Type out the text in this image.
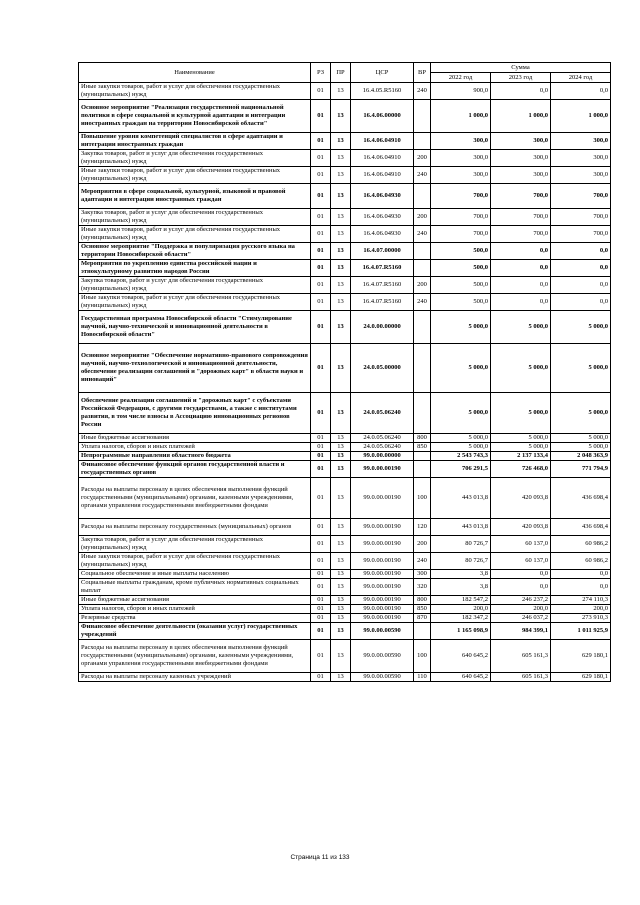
Наименование	РЗ	ПР	ЦСР	ВР	Сумма		
					2022 год	2023 год	2024 год
Иные закупки товаров, работ и услуг для обеспечения государственных (муниципальных) нужд	01	13	16.4.05.R5160	240	900,0	0,0	0,0
Основное мероприятие "Реализация государственной национальной политики в сфере социальной и культурной адаптации и интеграции иностранных граждан на территории Новосибирской области"	01	13	16.4.06.00000		1 000,0	1 000,0	1 000,0
Повышение уровня компетенций специалистов в сфере адаптации и интеграции иностранных граждан	01	13	16.4.06.04910		300,0	300,0	300,0
Закупка товаров, работ и услуг для обеспечения государственных (муниципальных) нужд	01	13	16.4.06.04910	200	300,0	300,0	300,0
Иные закупки товаров, работ и услуг для обеспечения государственных (муниципальных) нужд	01	13	16.4.06.04910	240	300,0	300,0	300,0
Мероприятия в сфере социальной, культурной, языковой и правовой адаптации и интеграции иностранных граждан	01	13	16.4.06.04930		700,0	700,0	700,0
Закупка товаров, работ и услуг для обеспечения государственных (муниципальных) нужд	01	13	16.4.06.04930	200	700,0	700,0	700,0
Иные закупки товаров, работ и услуг для обеспечения государственных (муниципальных) нужд	01	13	16.4.06.04930	240	700,0	700,0	700,0
Основное мероприятие "Поддержка и популяризация русского языка на территории Новосибирской области"	01	13	16.4.07.00000		500,0	0,0	0,0
Мероприятия по укреплению единства российской нации и этнокультурному развитию народов России	01	13	16.4.07.R5160		500,0	0,0	0,0
Закупка товаров, работ и услуг для обеспечения государственных (муниципальных) нужд	01	13	16.4.07.R5160	200	500,0	0,0	0,0
Иные закупки товаров, работ и услуг для обеспечения государственных (муниципальных) нужд	01	13	16.4.07.R5160	240	500,0	0,0	0,0
Государственная программа Новосибирской области "Стимулирование научной, научно-технической и инновационной деятельности в Новосибирской области"	01	13	24.0.00.00000		5 000,0	5 000,0	5 000,0
Основное мероприятие "Обеспечение нормативно-правового сопровождения научной, научно-технологической и инновационной деятельности, обеспечение реализации соглашений и "дорожных карт" в области науки и инноваций"	01	13	24.0.05.00000		5 000,0	5 000,0	5 000,0
Обеспечение реализации соглашений и "дорожных карт" с субъектами Российской Федерации, с другими государствами, а также с институтами развития, в том числе взносы в Ассоциацию инновационных регионов России	01	13	24.0.05.06240		5 000,0	5 000,0	5 000,0
Иные бюджетные ассигнования	01	13	24.0.05.06240	800	5 000,0	5 000,0	5 000,0
Уплата налогов, сборов и иных платежей	01	13	24.0.05.06240	850	5 000,0	5 000,0	5 000,0
Непрограммные направления областного бюджета	01	13	99.0.00.00000		2 543 743,3	2 137 133,4	2 048 363,9
Финансовое обеспечение функций органов государственной власти и государственных органов	01	13	99.0.00.00190		706 291,5	726 468,0	771 794,9
Расходы на выплаты персоналу в целях обеспечения выполнения функций государственными (муниципальными) органами, казенными учреждениями, органами управления государственными внебюджетными фондами	01	13	99.0.00.00190	100	443 013,8	420 093,8	436 698,4
Расходы на выплаты персоналу государственных (муниципальных) органов	01	13	99.0.00.00190	120	443 013,8	420 093,8	436 698,4
Закупка товаров, работ и услуг для обеспечения государственных (муниципальных) нужд	01	13	99.0.00.00190	200	80 726,7	60 137,0	60 986,2
Иные закупки товаров, работ и услуг для обеспечения государственных (муниципальных) нужд	01	13	99.0.00.00190	240	80 726,7	60 137,0	60 986,2
Социальное обеспечение и иные выплаты населению	01	13	99.0.00.00190	300	3,8	0,0	0,0
Социальные выплаты гражданам, кроме публичных нормативных социальных выплат	01	13	99.0.00.00190	320	3,8	0,0	0,0
Иные бюджетные ассигнования	01	13	99.0.00.00190	800	182 547,2	246 237,2	274 110,3
Уплата налогов, сборов и иных платежей	01	13	99.0.00.00190	850	200,0	200,0	200,0
Резервные средства	01	13	99.0.00.00190	870	182 347,2	246 037,2	273 910,3
Финансовое обеспечение деятельности (оказания услуг) государственных учреждений	01	13	99.0.00.00590		1 165 098,9	984 399,1	1 011 925,9
Расходы на выплаты персоналу в целях обеспечения выполнения функций государственными (муниципальными) органами, казенными учреждениями, органами управления государственными внебюджетными фондами	01	13	99.0.00.00590	100	640 645,2	605 161,3	629 180,1
Расходы на выплаты персоналу казенных учреждений	01	13	99.0.00.00590	110	640 645,2	605 161,3	629 180,1
Страница 11 из 133
